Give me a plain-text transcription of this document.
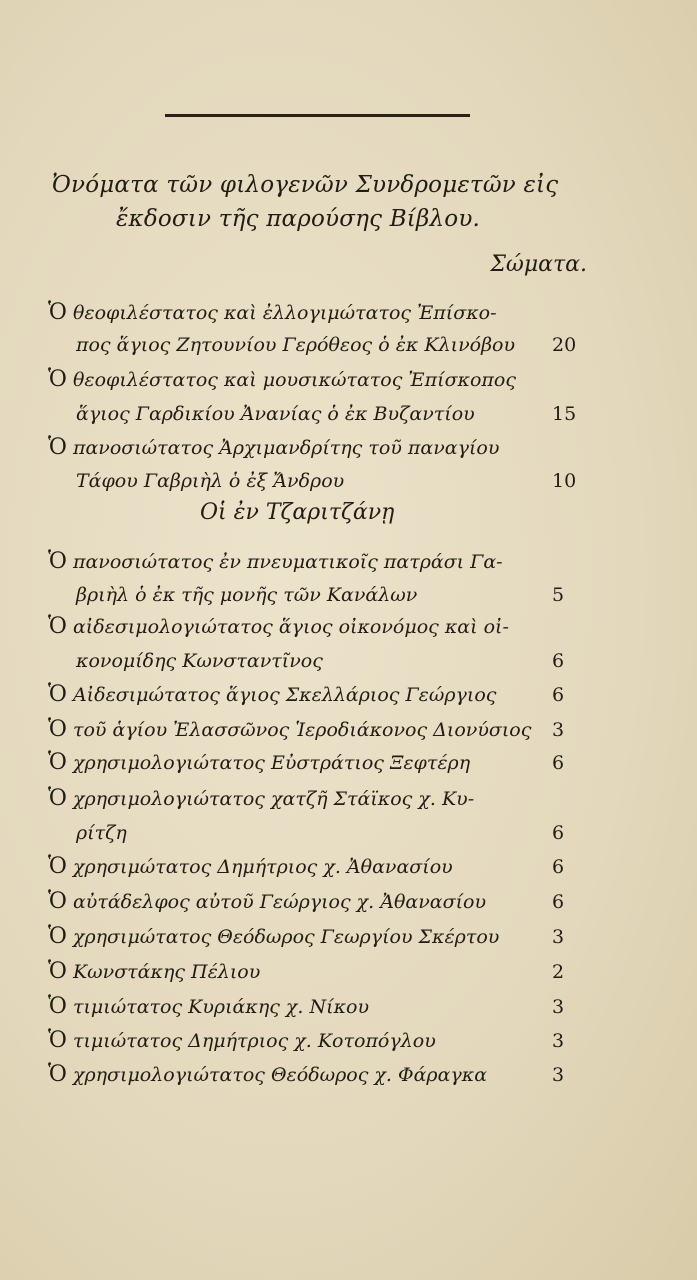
Ὀνόματα τῶν φιλογενῶν Συνδρομετῶν εἰς
ἔκδοσιν τῆς παρούσης Βίβλου.
Σώματα.
Οἱ ἐν Τζαριτζάνῃ
Ὁ θεοφιλέστατος καὶ ἐλλογιμώτατος Ἐπίσκο-
πος ἅγιος Ζητουνίου Γερόθεος ὁ ἐκ Κλινόβου	20
Ὁ θεοφιλέστατος καὶ μουσικώτατος Ἐπίσκοπος
ἅγιος Γαρδικίου Ἀνανίας ὁ ἐκ Βυζαντίου	15
Ὁ πανοσιώτατος Ἀρχιμανδρίτης τοῦ παναγίου
Τάφου Γαβριὴλ ὁ ἐξ Ἄνδρου	10
Ὁ πανοσιώτατος ἐν πνευματικοῖς πατράσι Γα-
βριὴλ ὁ ἐκ τῆς μονῆς τῶν Κανάλων	5
Ὁ αἰδεσιμολογιώτατος ἅγιος οἰκονόμος καὶ οἰ-
κονομίδης Κωνσταντῖνος	6
Ὁ Αἰδεσιμώτατος ἅγιος Σκελλάριος Γεώργιος	6
Ὁ τοῦ ἁγίου Ἐλασσῶνος Ἱεροδιάκονος Διονύσιος	3
Ὁ χρησιμολογιώτατος Εὐστράτιος Ξεφτέρη	6
Ὁ χρησιμολογιώτατος χατζῆ Στάϊκος χ. Κυ-
ρίτζη	6
Ὁ χρησιμώτατος Δημήτριος χ. Ἀθανασίου	6
Ὁ αὐτάδελφος αὐτοῦ Γεώργιος χ. Ἀθανασίου	6
Ὁ χρησιμώτατος Θεόδωρος Γεωργίου Σκέρτου	3
Ὁ Κωνστάκης Πέλιου	2
Ὁ τιμιώτατος Κυριάκης χ. Νίκου	3
Ὁ τιμιώτατος Δημήτριος χ. Κοτοπόγλου	3
Ὁ χρησιμολογιώτατος Θεόδωρος χ. Φάραγκα	3
